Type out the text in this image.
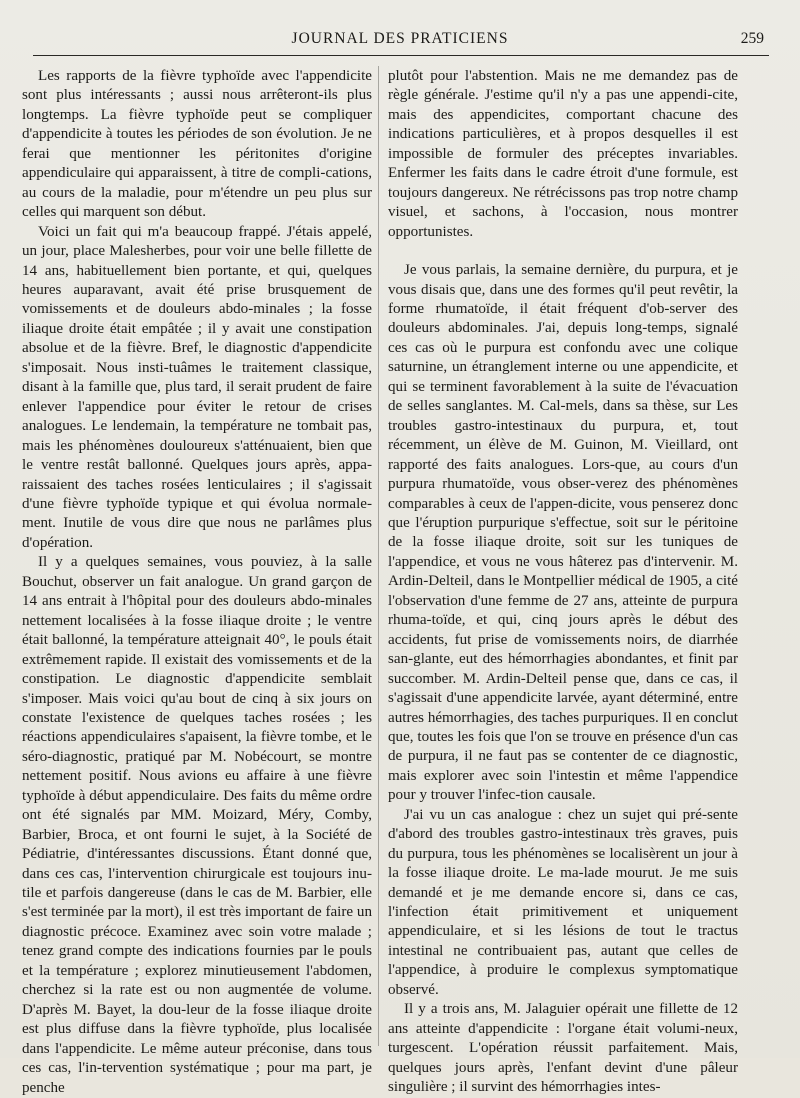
JOURNAL DES PRATICIENS	259

Les rapports de la fièvre typhoïde avec l'appendicite sont plus intéressants ; aussi nous arrêteront-ils plus longtemps. La fièvre typhoïde peut se compliquer d'appendicite à toutes les périodes de son évolution. Je ne ferai que mentionner les péritonites d'origine appendiculaire qui apparaissent, à titre de compli-cations, au cours de la maladie, pour m'étendre un peu plus sur celles qui marquent son début.

Voici un fait qui m'a beaucoup frappé. J'étais appelé, un jour, place Malesherbes, pour voir une belle fillette de 14 ans, habituellement bien portante, et qui, quelques heures auparavant, avait été prise brusquement de vomissements et de douleurs abdo-minales ; la fosse iliaque droite était empâtée ; il y avait une constipation absolue et de la fièvre. Bref, le diagnostic d'appendicite s'imposait. Nous insti-tuâmes le traitement classique, disant à la famille que, plus tard, il serait prudent de faire enlever l'appendice pour éviter le retour de crises analogues. Le lendemain, la température ne tombait pas, mais les phénomènes douloureux s'atténuaient, bien que le ventre restât ballonné. Quelques jours après, appa-raissaient des taches rosées lenticulaires ; il s'agissait d'une fièvre typhoïde typique et qui évolua normale-ment. Inutile de vous dire que nous ne parlâmes plus d'opération.

Il y a quelques semaines, vous pouviez, à la salle Bouchut, observer un fait analogue. Un grand garçon de 14 ans entrait à l'hôpital pour des douleurs abdo-minales nettement localisées à la fosse iliaque droite ; le ventre était ballonné, la température atteignait 40°, le pouls était extrêmement rapide. Il existait des vomissements et de la constipation. Le diagnostic d'appendicite semblait s'imposer. Mais voici qu'au bout de cinq à six jours on constate l'existence de quelques taches rosées ; les réactions appendiculaires s'apaisent, la fièvre tombe, et le séro-diagnostic, pratiqué par M. Nobécourt, se montre nettement positif. Nous avions eu affaire à une fièvre typhoïde à début appendiculaire. Des faits du même ordre ont été signalés par MM. Moizard, Méry, Comby, Barbier, Broca, et ont fourni le sujet, à la Société de Pédiatrie, d'intéressantes discussions. Étant donné que, dans ces cas, l'intervention chirurgicale est toujours inu-tile et parfois dangereuse (dans le cas de M. Barbier, elle s'est terminée par la mort), il est très important de faire un diagnostic précoce. Examinez avec soin votre malade ; tenez grand compte des indications fournies par le pouls et la température ; explorez minutieusement l'abdomen, cherchez si la rate est ou non augmentée de volume. D'après M. Bayet, la dou-leur de la fosse iliaque droite est plus diffuse dans la fièvre typhoïde, plus localisée dans l'appendicite. Le même auteur préconise, dans tous ces cas, l'in-tervention systématique ; pour ma part, je penche

plutôt pour l'abstention. Mais ne me demandez pas de règle générale. J'estime qu'il n'y a pas une appendi-cite, mais des appendicites, comportant chacune des indications particulières, et à propos desquelles il est impossible de formuler des préceptes invariables. Enfermer les faits dans le cadre étroit d'une formule, est toujours dangereux. Ne rétrécissons pas trop notre champ visuel, et sachons, à l'occasion, nous montrer opportunistes.

Je vous parlais, la semaine dernière, du purpura, et je vous disais que, dans une des formes qu'il peut revêtir, la forme rhumatoïde, il était fréquent d'ob-server des douleurs abdominales. J'ai, depuis long-temps, signalé ces cas où le purpura est confondu avec une colique saturnine, un étranglement interne ou une appendicite, et qui se terminent favorablement à la suite de l'évacuation de selles sanglantes. M. Cal-mels, dans sa thèse, sur Les troubles gastro-intestinaux du purpura, et, tout récemment, un élève de M. Guinon, M. Vieillard, ont rapporté des faits analogues. Lors-que, au cours d'un purpura rhumatoïde, vous obser-verez des phénomènes comparables à ceux de l'appen-dicite, vous penserez donc que l'éruption purpurique s'effectue, soit sur le péritoine de la fosse iliaque droite, soit sur les tuniques de l'appendice, et vous ne vous hâterez pas d'intervenir. M. Ardin-Delteil, dans le Montpellier médical de 1905, a cité l'observation d'une femme de 27 ans, atteinte de purpura rhuma-toïde, et qui, cinq jours après le début des accidents, fut prise de vomissements noirs, de diarrhée san-glante, eut des hémorrhagies abondantes, et finit par succomber. M. Ardin-Delteil pense que, dans ce cas, il s'agissait d'une appendicite larvée, ayant déterminé, entre autres hémorrhagies, des taches purpuriques. Il en conclut que, toutes les fois que l'on se trouve en présence d'un cas de purpura, il ne faut pas se contenter de ce diagnostic, mais explorer avec soin l'intestin et même l'appendice pour y trouver l'infec-tion causale.

J'ai vu un cas analogue : chez un sujet qui pré-sente d'abord des troubles gastro-intestinaux très graves, puis du purpura, tous les phénomènes se localisèrent un jour à la fosse iliaque droite. Le ma-lade mourut. Je me suis demandé et je me demande encore si, dans ce cas, l'infection était primitivement et uniquement appendiculaire, et si les lésions de tout le tractus intestinal ne contribuaient pas, autant que celles de l'appendice, à produire le complexus symptomatique observé.

Il y a trois ans, M. Jalaguier opérait une fillette de 12 ans atteinte d'appendicite : l'organe était volumi-neux, turgescent. L'opération réussit parfaitement. Mais, quelques jours après, l'enfant devint d'une pâleur singulière ; il survint des hémorrhagies intes-
